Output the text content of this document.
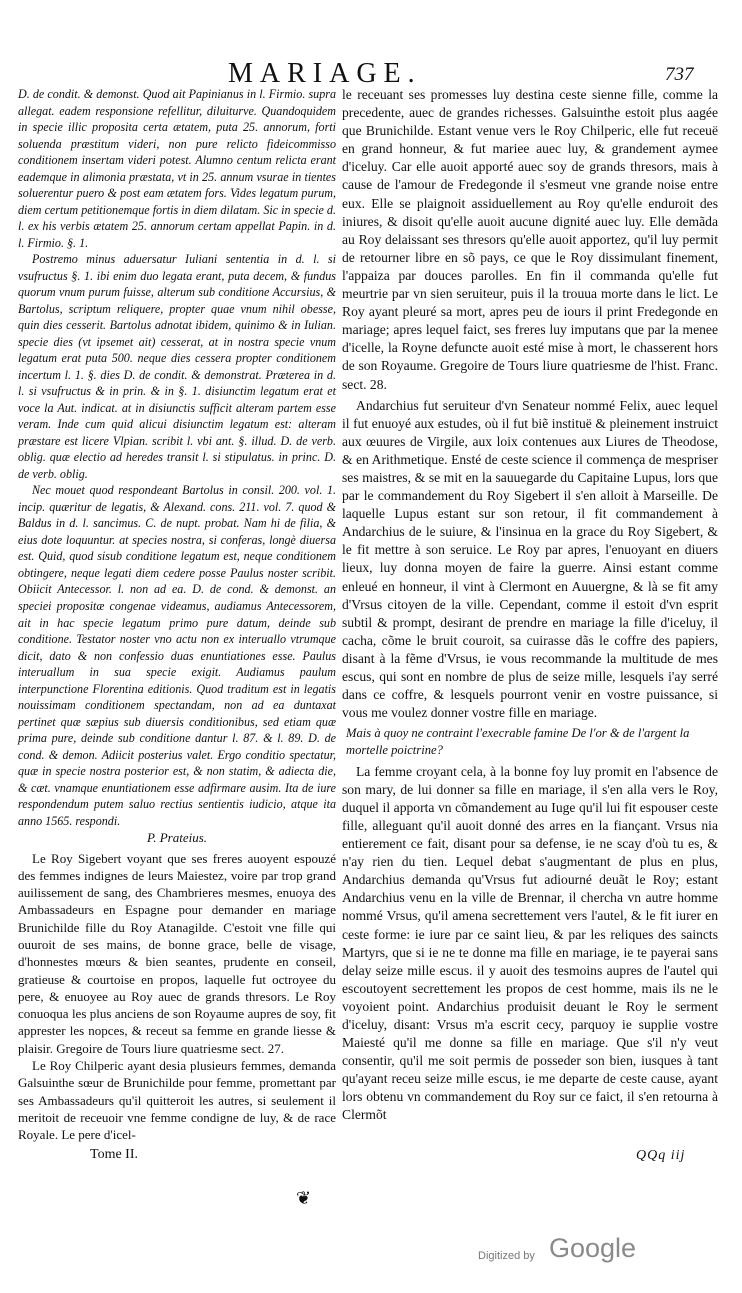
MARIAGE.	737

D. de condit. & demonst. Quod ait Papinianus in l. Firmio. supra allegat. eadem responsione refellitur, diluiturve. Quandoquidem in specie illic proposita certa ætatem, puta 25. annorum, forti soluenda præstitum videri, non pure relicto fideicommisso conditionem insertam videri potest. Alumno centum relicta erant eademque in alimonia præstata, vt in 25. annum vsurae in tientes soluerentur puero & post eam ætatem fors. Vides legatum purum, diem certum petitionemque fortis in diem dilatam. Sic in specie d. l. ex his verbis ætatem 25. annorum certam appellat Papin. in d. l. Firmio. §. 1.

Postremo minus aduersatur Iuliani sententia in d. l. si vsufructus §. 1. ibi enim duo legata erant, puta decem, & fundus quorum vnum purum fuisse, alterum sub conditione Accursius, & Bartolus, scriptum reliquere, propter quae vnum nihil obesse, quin dies cesserit. Bartolus adnotat ibidem, quinimo & in Iulian. specie dies (vt ipsemet ait) cesserat, at in nostra specie vnum legatum erat puta 500. neque dies cessera propter conditionem incertum l. 1. §. dies D. de condit. & demonstrat. Præterea in d. l. si vsufructus & in prin. & in §. 1. disiunctim legatum erat et voce la Aut. indicat. at in disiunctis sufficit alteram partem esse veram. Inde cum quid alicui disiunctim legatum est: alteram præstare est licere Vlpian. scribit l. vbi ant. §. illud. D. de verb. oblig. quæ electio ad heredes transit l. si stipulatus. in princ. D. de verb. oblig.

Nec mouet quod respondeant Bartolus in consil. 200. vol. 1. incip. quæritur de legatis, & Alexand. cons. 211. vol. 7. quod & Baldus in d. l. sancimus. C. de nupt. probat. Nam hi de filia, & eius dote loquuntur. at species nostra, si conferas, longè diuersa est. Quid, quod sisub conditione legatum est, neque conditionem obtingere, neque legati diem cedere posse Paulus noster scribit. Obiicit Antecessor. l. non ad ea. D. de cond. & demonst. an speciei propositæ congenae videamus, audiamus Antecessorem, ait in hac specie legatum primo pure datum, deinde sub conditione. Testator noster vno actu non ex interuallo vtrumque dicit, dato & non confessio duas enuntiationes esse. Paulus interuallum in sua specie exigit. Audiamus paulum interpunctione Florentina editionis. Quod traditum est in legatis nouissimam conditionem spectandam, non ad ea duntaxat pertinet quæ sæpius sub diuersis conditionibus, sed etiam quæ prima pure, deinde sub conditione dantur l. 87. & l. 89. D. de cond. & demon. Adiicit posterius valet. Ergo conditio spectatur, quæ in specie nostra posterior est, & non statim, & adiecta die, & cæt. vnamque enuntiationem esse adfirmare ausim. Ita de iure respondendum putem saluo rectius sentientis iudicio, atque ita anno 1565. respondi.

P. Prateius.

Le Roy Sigebert voyant que ses freres auoyent espouzé des femmes indignes de leurs Maiestez, voire par trop grand auilissement de sang, des Chambrieres mesmes, enuoya des Ambassadeurs en Espagne pour demander en mariage Brunichilde fille du Roy Atanagilde. C'estoit vne fille qui ouuroit de ses mains, de bonne grace, belle de visage, d'honnestes mœurs & bien seantes, prudente en conseil, gratieuse & courtoise en propos, laquelle fut octroyee du pere, & enuoyee au Roy auec de grands thresors. Le Roy conuoqua les plus anciens de son Royaume aupres de soy, fit apprester les nopces, & receut sa femme en grande liesse & plaisir. Gregoire de Tours liure quatriesme sect. 27.

Le Roy Chilperic ayant desia plusieurs femmes, demanda Galsuinthe sœur de Brunichilde pour femme, promettant par ses Ambassadeurs qu'il quitteroit les autres, si seulement il meritoit de receuoir vne femme condigne de luy, & de race Royale. Le pere d'icel-

le receuant ses promesses luy destina ceste sienne fille, comme la precedente, auec de grandes richesses. Galsuinthe estoit plus aagée que Brunichilde. Estant venue vers le Roy Chilperic, elle fut receuë en grand honneur, & fut mariee auec luy, & grandement aymee d'iceluy. Car elle auoit apporté auec soy de grands thresors, mais à cause de l'amour de Fredegonde il s'esmeut vne grande noise entre eux. Elle se plaignoit assiduellement au Roy qu'elle enduroit des iniures, & disoit qu'elle auoit aucune dignité auec luy. Elle demãda au Roy delaissant ses thresors qu'elle auoit apportez, qu'il luy permit de retourner libre en sõ pays, ce que le Roy dissimulant finement, l'appaiza par douces parolles. En fin il commanda qu'elle fut meurtrie par vn sien seruiteur, puis il la trouua morte dans le lict. Le Roy ayant pleuré sa mort, apres peu de iours il print Fredegonde en mariage; apres lequel faict, ses freres luy imputans que par la menee d'icelle, la Royne defuncte auoit esté mise à mort, le chasserent hors de son Royaume. Gregoire de Tours liure quatriesme de l'hist. Franc. sect. 28.

Andarchius fut seruiteur d'vn Senateur nommé Felix, auec lequel il fut enuoyé aux estudes, où il fut biẽ instituë & pleinement instruict aux œuures de Virgile, aux loix contenues aux Liures de Theodose, & en Arithmetique. Ensté de ceste science il commença de mespriser ses maistres, & se mit en la sauuegarde du Capitaine Lupus, lors que par le commandement du Roy Sigebert il s'en alloit à Marseille. De laquelle Lupus estant sur son retour, il fit commandement à Andarchius de le suiure, & l'insinua en la grace du Roy Sigebert, & le fit mettre à son seruice. Le Roy par apres, l'enuoyant en diuers lieux, luy donna moyen de faire la guerre. Ainsi estant comme enleué en honneur, il vint à Clermont en Auuergne, & là se fit amy d'Vrsus citoyen de la ville. Cependant, comme il estoit d'vn esprit subtil & prompt, desirant de prendre en mariage la fille d'iceluy, il cacha, cõme le bruit couroit, sa cuirasse dãs le coffre des papiers, disant à la fẽme d'Vrsus, ie vous recommande la multitude de mes escus, qui sont en nombre de plus de seize mille, lesquels i'ay serré dans ce coffre, & lesquels pourront venir en vostre puissance, si vous me voulez donner vostre fille en mariage.

Mais à quoy ne contraint l'execrable famine De l'or & de l'argent la mortelle poictrine?

La femme croyant cela, à la bonne foy luy promit en l'absence de son mary, de lui donner sa fille en mariage, il s'en alla vers le Roy, duquel il apporta vn cõmandement au Iuge qu'il lui fit espouser ceste fille, alleguant qu'il auoit donné des arres en la fiançant. Vrsus nia entierement ce fait, disant pour sa defense, ie ne scay d'où tu es, & n'ay rien du tien. Lequel debat s'augmentant de plus en plus, Andarchius demanda qu'Vrsus fut adiourné deuãt le Roy; estant Andarchius venu en la ville de Brennar, il chercha vn autre homme nommé Vrsus, qu'il amena secrettement vers l'autel, & le fit iurer en ceste forme: ie iure par ce saint lieu, & par les reliques des saincts Martyrs, que si ie ne te donne ma fille en mariage, ie te payerai sans delay seize mille escus. il y auoit des tesmoins aupres de l'autel qui escoutoyent secrettement les propos de cest homme, mais ils ne le voyoient point. Andarchius produisit deuant le Roy le serment d'iceluy, disant: Vrsus m'a escrit cecy, parquoy ie supplie vostre Maiesté qu'il me donne sa fille en mariage. Que s'il n'y veut consentir, qu'il me soit permis de posseder son bien, iusques à tant qu'ayant receu seize mille escus, ie me departe de ceste cause, ayant lors obtenu vn commandement du Roy sur ce faict, il s'en retourna à Clermõt

Tome II.	QQq iij
❦
Digitized by Google
